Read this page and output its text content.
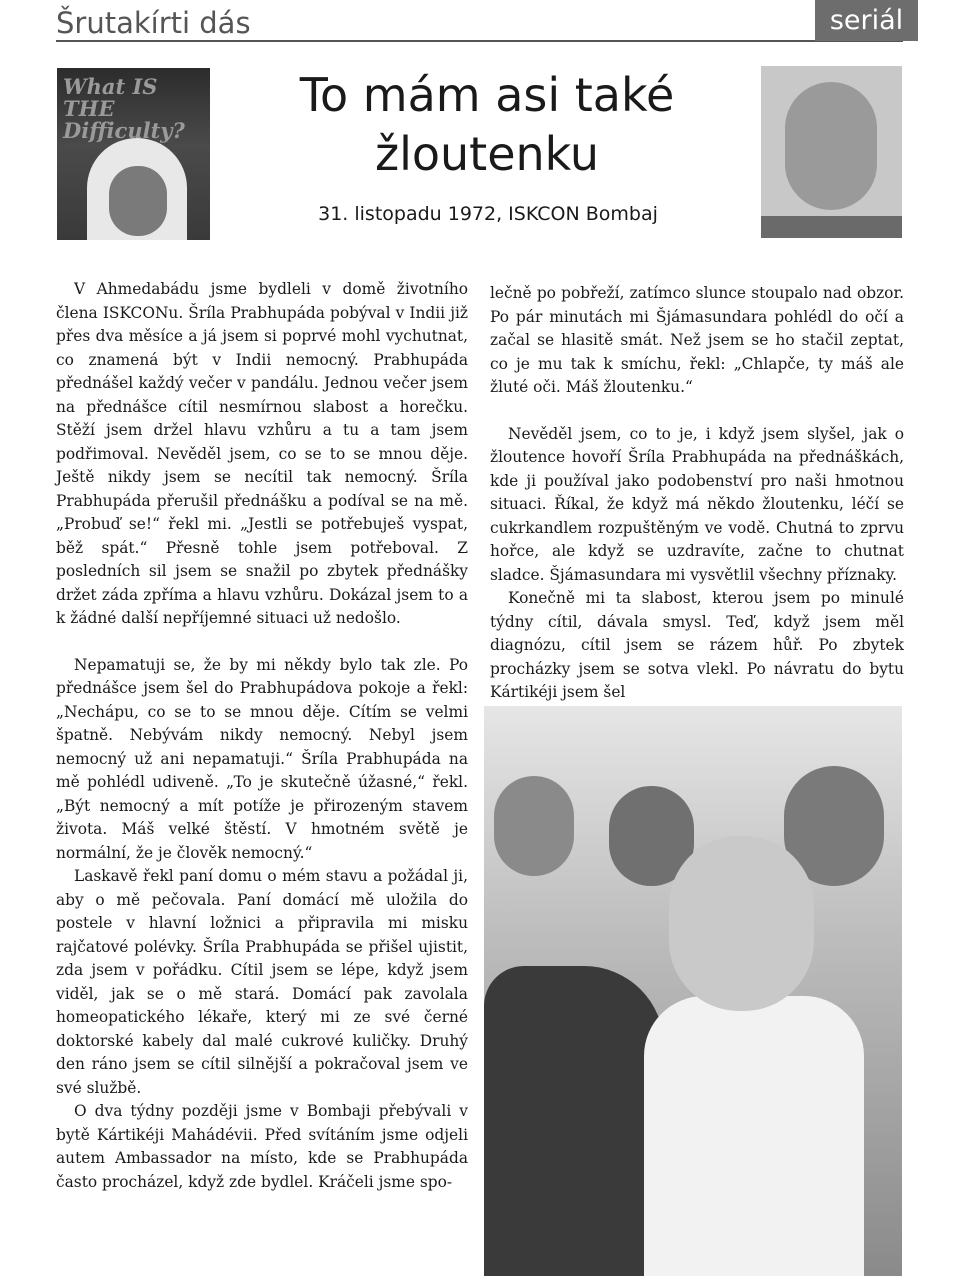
Šrutakírti dás	seriál
What IS THE Difficulty?
To mám asi také
žloutenku
31. listopadu 1972, ISKCON Bombaj

V Ahmedabádu jsme bydleli v domě životního člena ISKCONu. Šríla Prabhupáda pobýval v Indii již přes dva měsíce a já jsem si poprvé mohl vychutnat, co znamená být v Indii nemocný. Prabhupáda přednášel každý večer v pandálu. Jednou večer jsem na přednášce cítil nesmírnou slabost a horečku. Stěží jsem držel hlavu vzhůru a tu a tam jsem podřimoval. Nevěděl jsem, co se to se mnou děje. Ještě nikdy jsem se necítil tak nemocný. Šríla Prabhupáda přerušil přednášku a podíval se na mě. „Probuď se!“ řekl mi. „Jestli se potřebuješ vyspat, běž spát.“ Přesně tohle jsem potřeboval. Z posledních sil jsem se snažil po zbytek přednášky držet záda zpříma a hlavu vzhůru. Dokázal jsem to a k žádné další nepříjemné situaci už nedošlo.

Nepamatuji se, že by mi někdy bylo tak zle. Po přednášce jsem šel do Prabhupádova pokoje a řekl: „Nechápu, co se to se mnou děje. Cítím se velmi špatně. Nebývám nikdy nemocný. Nebyl jsem nemocný už ani nepamatuji.“ Šríla Prabhupáda na mě pohlédl udiveně. „To je skutečně úžasné,“ řekl. „Být nemocný a mít potíže je přirozeným stavem života. Máš velké štěstí. V hmotném světě je normální, že je člověk nemocný.“

Laskavě řekl paní domu o mém stavu a požádal ji, aby o mě pečovala. Paní domácí mě uložila do postele v hlavní ložnici a připravila mi misku rajčatové polévky. Šríla Prabhupáda se přišel ujistit, zda jsem v pořádku. Cítil jsem se lépe, když jsem viděl, jak se o mě stará. Domácí pak zavolala homeopatického lékaře, který mi ze své černé doktorské kabely dal malé cukrové kuličky. Druhý den ráno jsem se cítil silnější a pokračoval jsem ve své službě.

O dva týdny později jsme v Bombaji přebývali v bytě Kártikéji Mahádévii. Před svítáním jsme odjeli autem Ambassador na místo, kde se Prabhupáda často procházel, když zde bydlel. Kráčeli jsme spo-

lečně po pobřeží, zatímco slunce stoupalo nad obzor. Po pár minutách mi Šjámasundara pohlédl do očí a začal se hlasitě smát. Než jsem se ho stačil zeptat, co je mu tak k smíchu, řekl: „Chlapče, ty máš ale žluté oči. Máš žloutenku.“

Nevěděl jsem, co to je, i když jsem slyšel, jak o žloutence hovoří Šríla Prabhupáda na přednáškách, kde ji používal jako podobenství pro naši hmotnou situaci. Říkal, že když má někdo žloutenku, léčí se cukrkandlem rozpuštěným ve vodě. Chutná to zprvu hořce, ale když se uzdravíte, začne to chutnat sladce. Šjámasundara mi vysvětlil všechny příznaky.

Konečně mi ta slabost, kterou jsem po minulé týdny cítil, dávala smysl. Teď, když jsem měl diagnózu, cítil jsem se rázem hůř. Po zbytek procházky jsem se sotva vlekl. Po návratu do bytu Kártikéji jsem šel
